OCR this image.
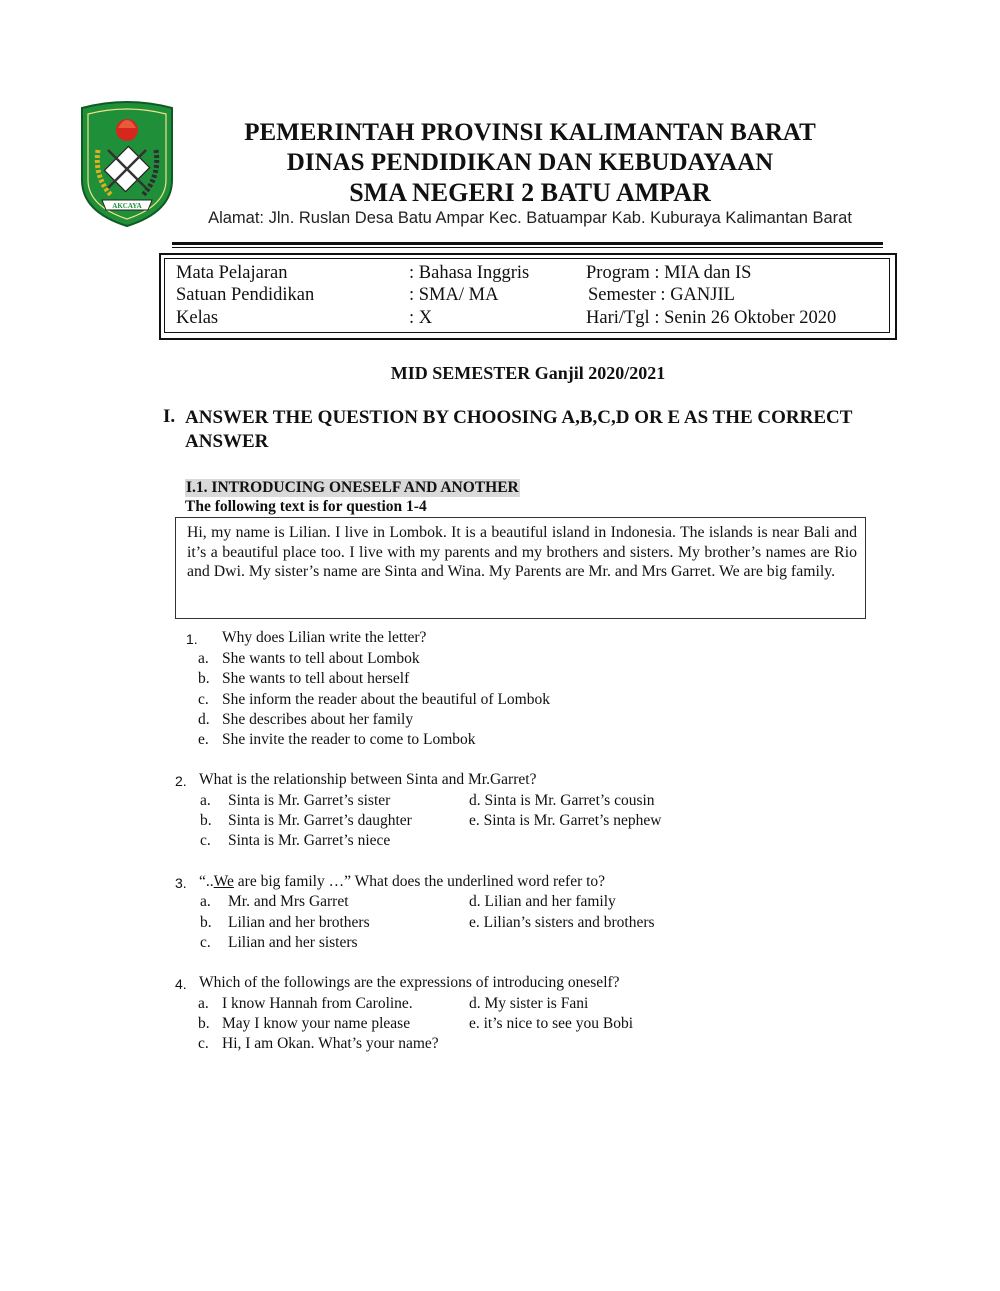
AKCAYA
PEMERINTAH PROVINSI KALIMANTAN BARAT
DINAS PENDIDIKAN DAN KEBUDAYAAN
SMA NEGERI 2 BATU AMPAR
Alamat: Jln. Ruslan Desa Batu Ampar Kec. Batuampar Kab. Kuburaya Kalimantan Barat
Mata Pelajaran	: Bahasa Inggris	Program : MIA dan IS
Satuan Pendidikan	: SMA/ MA	Semester : GANJIL
Kelas	: X	Hari/Tgl : Senin 26 Oktober 2020
MID SEMESTER Ganjil 2020/2021
I. ANSWER THE QUESTION BY CHOOSING A,B,C,D OR E AS THE CORRECT
ANSWER
I.1. INTRODUCING ONESELF AND ANOTHER
The following text is for question 1-4
Hi, my name is Lilian. I live in Lombok. It is a beautiful island in Indonesia. The islands is near Bali and it’s a beautiful place too. I live with my parents and my brothers and sisters. My brother’s names are Rio and Dwi. My sister’s name are Sinta and Wina. My Parents are Mr. and Mrs Garret. We are big family.
1. Why does Lilian write the letter?
a. She wants to tell about Lombok
b. She wants to tell about herself
c. She inform the reader about the beautiful of Lombok
d. She describes about her family
e. She invite the reader to come to Lombok
2. What is the relationship between Sinta and Mr.Garret?
a. Sinta is Mr. Garret’s sister	d. Sinta is Mr. Garret’s cousin
b. Sinta is Mr. Garret’s daughter	e. Sinta is Mr. Garret’s nephew
c. Sinta is Mr. Garret’s niece
3. “..We are big family …” What does the underlined word refer to?
a. Mr. and Mrs Garret	d. Lilian and her family
b. Lilian and her brothers	e. Lilian’s sisters and brothers
c. Lilian and her sisters
4. Which of the followings are the expressions of introducing oneself?
a. I know Hannah from Caroline.	d. My sister is Fani
b. May I know your name please	e. it’s nice to see you Bobi
c. Hi, I am Okan. What’s your name?
